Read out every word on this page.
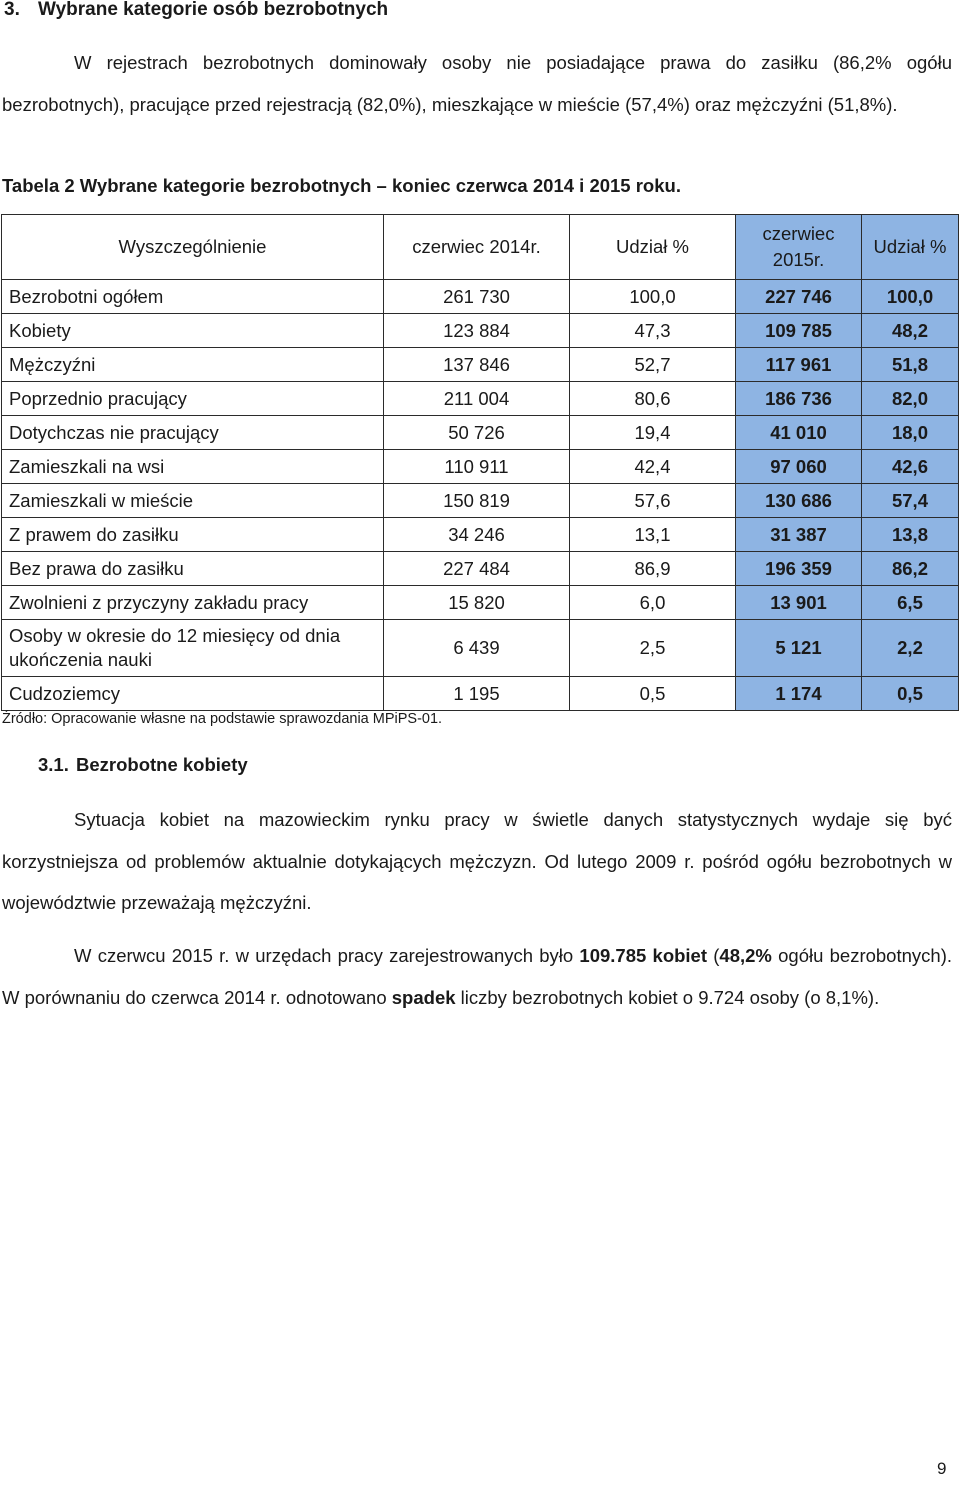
3. Wybrane kategorie osób bezrobotnych

W rejestrach bezrobotnych dominowały osoby nie posiadające prawa do zasiłku (86,2% ogółu bezrobotnych), pracujące przed rejestracją (82,0%), mieszkające w mieście (57,4%) oraz mężczyźni (51,8%).

Tabela 2 Wybrane kategorie bezrobotnych – koniec czerwca 2014 i 2015 roku.

Wyszczególnienie	czerwiec 2014r.	Udział %	czerwiec 2015r.	Udział %
Bezrobotni ogółem	261 730	100,0	227 746	100,0
Kobiety	123 884	47,3	109 785	48,2
Mężczyźni	137 846	52,7	117 961	51,8
Poprzednio pracujący	211 004	80,6	186 736	82,0
Dotychczas nie pracujący	50 726	19,4	41 010	18,0
Zamieszkali na wsi	110 911	42,4	97 060	42,6
Zamieszkali w mieście	150 819	57,6	130 686	57,4
Z prawem do zasiłku	34 246	13,1	31 387	13,8
Bez prawa do zasiłku	227 484	86,9	196 359	86,2
Zwolnieni z przyczyny zakładu pracy	15 820	6,0	13 901	6,5
Osoby w okresie do 12 miesięcy od dnia ukończenia nauki	6 439	2,5	5 121	2,2
Cudzoziemcy	1 195	0,5	1 174	0,5

Źródło: Opracowanie własne na podstawie sprawozdania MPiPS-01.

3.1. Bezrobotne kobiety

Sytuacja kobiet na mazowieckim rynku pracy w świetle danych statystycznych wydaje się być korzystniejsza od problemów aktualnie dotykających mężczyzn. Od lutego 2009 r. pośród ogółu bezrobotnych w województwie przeważają mężczyźni.

W czerwcu 2015 r. w urzędach pracy zarejestrowanych było 109.785 kobiet (48,2% ogółu bezrobotnych). W porównaniu do czerwca 2014 r. odnotowano spadek liczby bezrobotnych kobiet o 9.724 osoby (o 8,1%).

9
